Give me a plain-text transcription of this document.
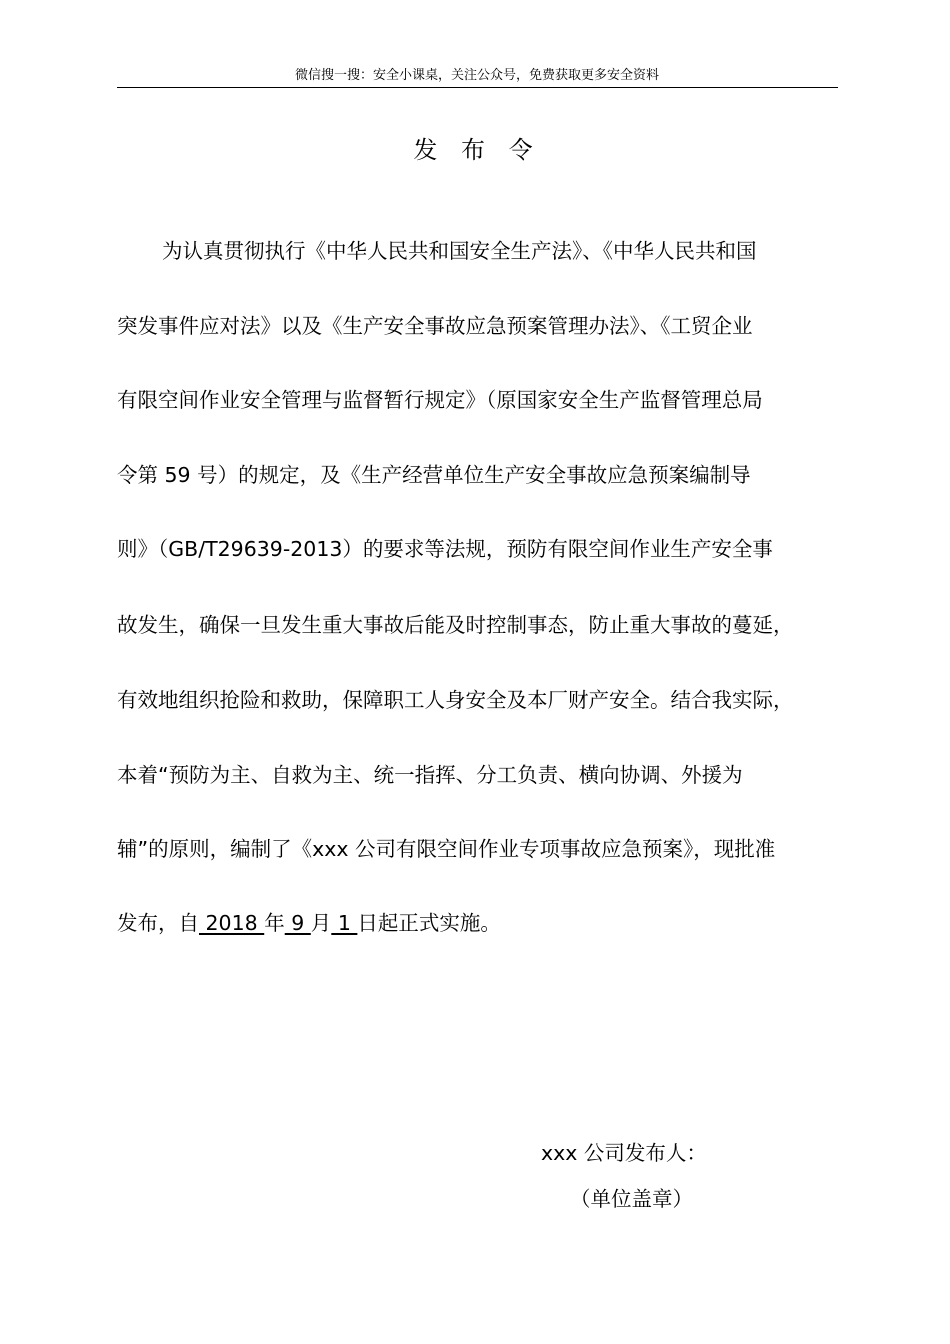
微信搜一搜：安全小课桌，关注公众号，免费获取更多安全资料
发 布 令
为认真贯彻执行《中华人民共和国安全生产法》、《中华人民共和国
突发事件应对法》以及《生产安全事故应急预案管理办法》、《工贸企业
有限空间作业安全管理与监督暂行规定》（原国家安全生产监督管理总局
令第 59 号）的规定，及《生产经营单位生产安全事故应急预案编制导
则》（GB/T29639-2013）的要求等法规，预防有限空间作业生产安全事
故发生，确保一旦发生重大事故后能及时控制事态，防止重大事故的蔓延，
有效地组织抢险和救助，保障职工人身安全及本厂财产安全。结合我实际，
本着“预防为主、自救为主、统一指挥、分工负责、横向协调、外援为
辅”的原则，编制了《xxx 公司有限空间作业专项事故应急预案》，现批准
发布，自 2018 年 9 月 1 日起正式实施。
xxx 公司发布人：
（单位盖章）
